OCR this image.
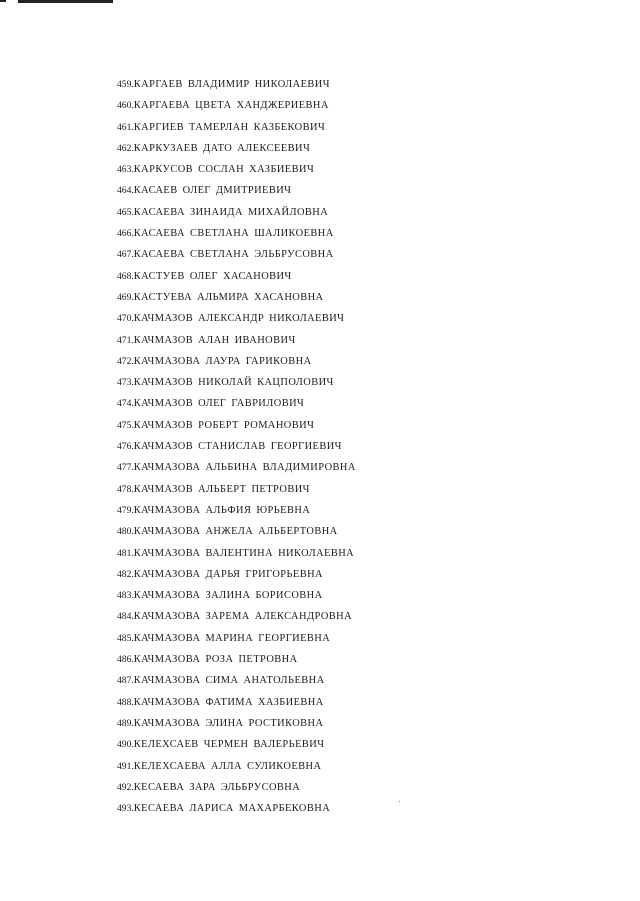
459.КАРГАЕВ ВЛАДИМИР НИКОЛАЕВИЧ
460.КАРГАЕВА ЦВЕТА ХАНДЖЕРИЕВНА
461.КАРГИЕВ ТАМЕРЛАН КАЗБЕКОВИЧ
462.КАРКУЗАЕВ ДАТО АЛЕКСЕЕВИЧ
463.КАРКУСОВ СОСЛАН ХАЗБИЕВИЧ
464.КАСАЕВ ОЛЕГ ДМИТРИЕВИЧ
465.КАСАЕВА ЗИНАИДА МИХАЙЛОВНА
466.КАСАЕВА СВЕТЛАНА ШАЛИКОЕВНА
467.КАСАЕВА СВЕТЛАНА ЭЛЬБРУСОВНА
468.КАСТУЕВ ОЛЕГ ХАСАНОВИЧ
469.КАСТУЕВА АЛЬМИРА ХАСАНОВНА
470.КАЧМАЗОВ АЛЕКСАНДР НИКОЛАЕВИЧ
471.КАЧМАЗОВ АЛАН ИВАНОВИЧ
472.КАЧМАЗОВА ЛАУРА ГАРИКОВНА
473.КАЧМАЗОВ НИКОЛАЙ КАЦПОЛОВИЧ
474.КАЧМАЗОВ ОЛЕГ ГАВРИЛОВИЧ
475.КАЧМАЗОВ РОБЕРТ РОМАНОВИЧ
476.КАЧМАЗОВ СТАНИСЛАВ ГЕОРГИЕВИЧ
477.КАЧМАЗОВА АЛЬБИНА ВЛАДИМИРОВНА
478.КАЧМАЗОВ АЛЬБЕРТ ПЕТРОВИЧ
479.КАЧМАЗОВА АЛЬФИЯ ЮРЬЕВНА
480.КАЧМАЗОВА АНЖЕЛА АЛЬБЕРТОВНА
481.КАЧМАЗОВА ВАЛЕНТИНА НИКОЛАЕВНА
482.КАЧМАЗОВА ДАРЬЯ ГРИГОРЬЕВНА
483.КАЧМАЗОВА ЗАЛИНА БОРИСОВНА
484.КАЧМАЗОВА ЗАРЕМА АЛЕКСАНДРОВНА
485.КАЧМАЗОВА МАРИНА ГЕОРГИЕВНА
486.КАЧМАЗОВА РОЗА ПЕТРОВНА
487.КАЧМАЗОВА СИМА АНАТОЛЬЕВНА
488.КАЧМАЗОВА ФАТИМА ХАЗБИЕВНА
489.КАЧМАЗОВА ЭЛИНА РОСТИКОВНА
490.КЕЛЕХСАЕВ ЧЕРМЕН ВАЛЕРЬЕВИЧ
491.КЕЛЕХСАЕВА АЛЛА СУЛИКОЕВНА
492.КЕСАЕВА ЗАРА ЭЛЬБРУСОВНА
493.КЕСАЕВА ЛАРИСА МАХАРБЕКОВНА
